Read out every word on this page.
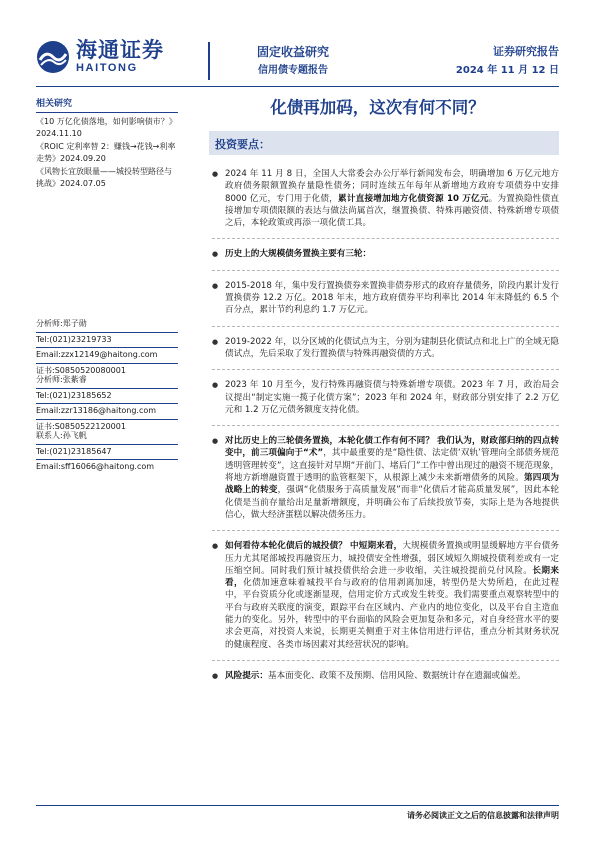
海通证券
HAITONG
固定收益研究
信用债专题报告
证券研究报告
2024 年 11 月 12 日
相关研究
《10 万亿化债落地，如何影响债市？》 2024.11.10
《ROIC 定利率替 2：赚钱→花钱→利率走势》2024.09.20
《风物长宜放眼量——城投转型路径与挑战》2024.07.05
分析师:郑子勋
Tel:(021)23219733
Email:zzx12149@haitong.com
证书:S0850520080001
分析师:张紫睿
Tel:(021)23185652
Email:zzr13186@haitong.com
证书:S0850522120001
联系人:孙飞帆
Tel:(021)23185647
Email:sff16066@haitong.com
化债再加码，这次有何不同？
投资要点：
● 2024 年 11 月 8 日，全国人大常委会办公厅举行新闻发布会，明确增加 6 万亿元地方政府债务限额置换存量隐性债务；同时连续五年每年从新增地方政府专项债券中安排 8000 亿元，专门用于化债，累计直接增加地方化债资源 10 万亿元。为置换隐性债直接增加专项债限额的表达与做法尚属首次，继置换债、特殊再融资债、特殊新增专项债之后，本轮政策或再添一项化债工具。
● 历史上的大规模债务置换主要有三轮：
● 2015-2018 年，集中发行置换债券来置换非债券形式的政府存量债务，阶段内累计发行置换债券 12.2 万亿。2018 年末，地方政府债券平均利率比 2014 年末降低约 6.5 个百分点，累计节约利息约 1.7 万亿元。
● 2019-2022 年，以分区域的化债试点为主，分别为建制县化债试点和北上广的全域无隐债试点，先后采取了发行置换债与特殊再融资债的方式。
● 2023 年 10 月至今，发行特殊再融资债与特殊新增专项债。2023 年 7 月，政治局会议提出“制定实施一揽子化债方案”；2023 年和 2024 年，财政部分别安排了 2.2 万亿元和 1.2 万亿元债务额度支持化债。
● 对比历史上的三轮债务置换，本轮化债工作有何不同？ 我们认为，财政部归纳的四点转变中，前三项偏向于“术”，其中最重要的是“隐性债、法定债‘双轨’管理向全部债务规范透明管理转变”，这直接针对早期“开前门、堵后门”工作中曾出现过的融资不规范现象，将地方新增融资置于透明的监管框架下，从根源上减少未来新增债务的风险。第四项为战略上的转变，强调“化债服务于高质量发展”而非“化债后才能高质量发展”，因此本轮化债是当前存量给出足量新增额度，并明确公布了后续投放节奏，实际上是为各地提供信心，做大经济蛋糕以解决债务压力。
● 如何看待本轮化债后的城投债？ 中短期来看，大规模债务置换或明显缓解地方平台债务压力尤其尾部城投再融资压力，城投债安全性增强，弱区域短久期城投债利差或有一定压缩空间。同时我们预计城投债供给会进一步收缩，关注城投提前兑付风险。长期来看，化债加速意味着城投平台与政府的信用剥离加速，转型仍是大势所趋，在此过程中，平台资质分化或逐渐显现，信用定价方式或发生转变。我们需要重点观察转型中的平台与政府关联度的演变，跟踪平台在区域内、产业内的地位变化，以及平台自主造血能力的变化。另外，转型中的平台面临的风险会更加复杂和多元，对自身经营水平的要求会更高，对投资人来说，长期更关侧重于对主体信用进行评估，重点分析其财务状况的健康程度、各类市场因素对其经营状况的影响。
● 风险提示：基本面变化、政策不及预期、信用风险、数据统计存在遗漏或偏差。
请务必阅读正文之后的信息披露和法律声明
